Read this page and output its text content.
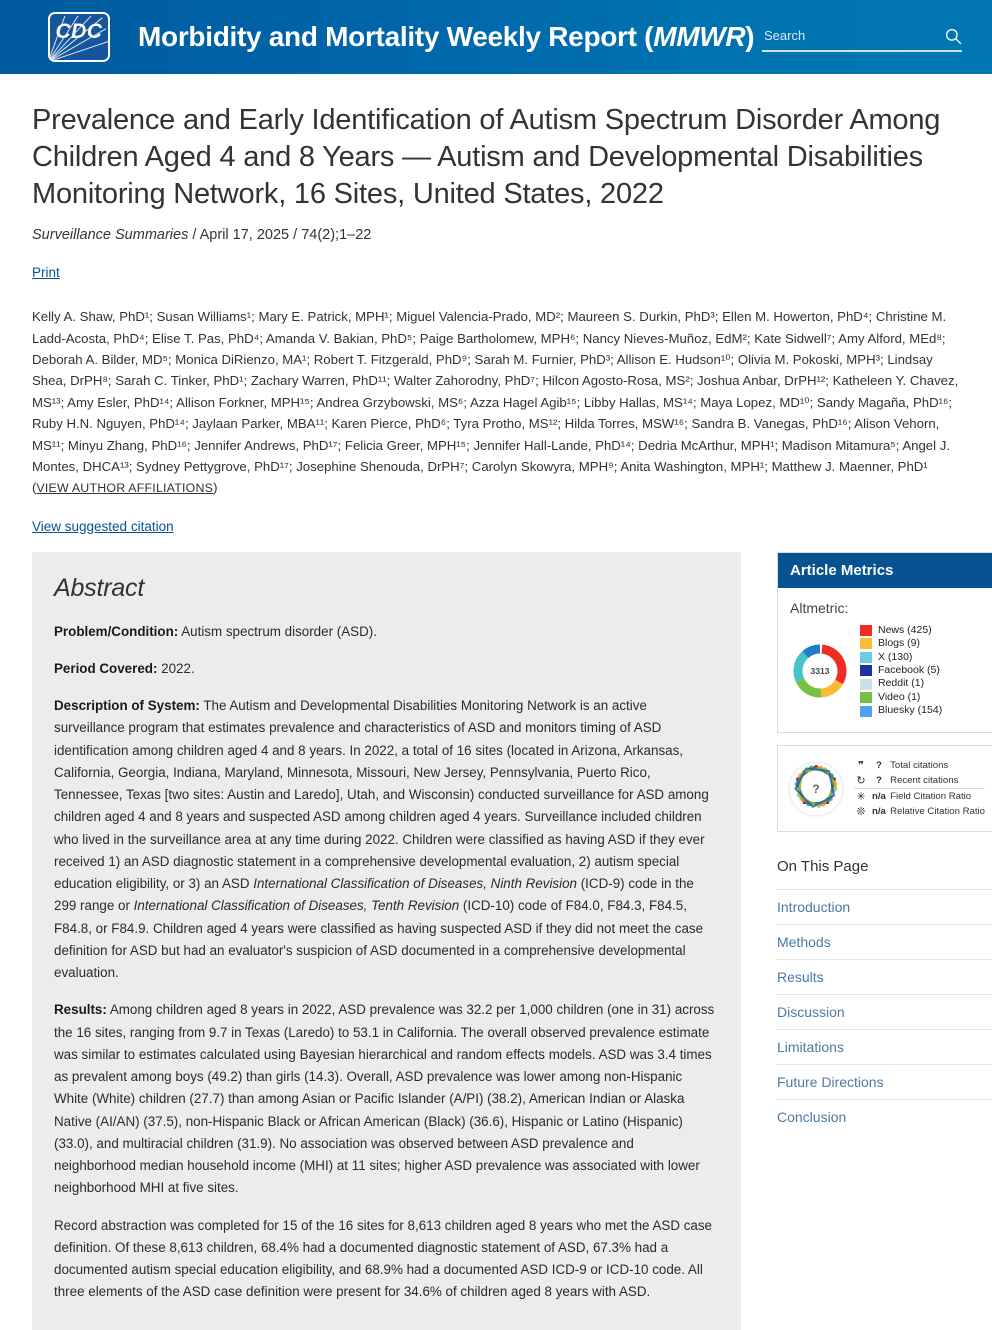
CDC Morbidity and Mortality Weekly Report (MMWR)
Search
Prevalence and Early Identification of Autism Spectrum Disorder Among Children Aged 4 and 8 Years — Autism and Developmental Disabilities Monitoring Network, 16 Sites, United States, 2022
Surveillance Summaries / April 17, 2025 / 74(2);1–22
Print
Kelly A. Shaw, PhD¹; Susan Williams¹; Mary E. Patrick, MPH¹; Miguel Valencia-Prado, MD²; Maureen S. Durkin, PhD³; Ellen M. Howerton, PhD⁴; Christine M. Ladd-Acosta, PhD⁴; Elise T. Pas, PhD⁴; Amanda V. Bakian, PhD⁵; Paige Bartholomew, MPH⁶; Nancy Nieves-Muñoz, EdM²; Kate Sidwell⁷; Amy Alford, MEd⁸; Deborah A. Bilder, MD⁵; Monica DiRienzo, MA¹; Robert T. Fitzgerald, PhD⁹; Sarah M. Furnier, PhD³; Allison E. Hudson¹⁰; Olivia M. Pokoski, MPH³; Lindsay Shea, DrPH⁸; Sarah C. Tinker, PhD¹; Zachary Warren, PhD¹¹; Walter Zahorodny, PhD⁷; Hilcon Agosto-Rosa, MS²; Joshua Anbar, DrPH¹²; Katheleen Y. Chavez, MS¹³; Amy Esler, PhD¹⁴; Allison Forkner, MPH¹⁵; Andrea Grzybowski, MS⁶; Azza Hagel Agib¹⁵; Libby Hallas, MS¹⁴; Maya Lopez, MD¹⁰; Sandy Magaña, PhD¹⁶; Ruby H.N. Nguyen, PhD¹⁴; Jaylaan Parker, MBA¹¹; Karen Pierce, PhD⁶; Tyra Protho, MS¹²; Hilda Torres, MSW¹⁶; Sandra B. Vanegas, PhD¹⁶; Alison Vehorn, MS¹¹; Minyu Zhang, PhD¹⁶; Jennifer Andrews, PhD¹⁷; Felicia Greer, MPH¹⁵; Jennifer Hall-Lande, PhD¹⁴; Dedria McArthur, MPH¹; Madison Mitamura⁵; Angel J. Montes, DHCA¹³; Sydney Pettygrove, PhD¹⁷; Josephine Shenouda, DrPH⁷; Carolyn Skowyra, MPH⁹; Anita Washington, MPH¹; Matthew J. Maenner, PhD¹ (VIEW AUTHOR AFFILIATIONS)
View suggested citation
Abstract

Problem/Condition: Autism spectrum disorder (ASD).

Period Covered: 2022.

Description of System: The Autism and Developmental Disabilities Monitoring Network is an active surveillance program that estimates prevalence and characteristics of ASD and monitors timing of ASD identification among children aged 4 and 8 years. In 2022, a total of 16 sites (located in Arizona, Arkansas, California, Georgia, Indiana, Maryland, Minnesota, Missouri, New Jersey, Pennsylvania, Puerto Rico, Tennessee, Texas [two sites: Austin and Laredo], Utah, and Wisconsin) conducted surveillance for ASD among children aged 4 and 8 years and suspected ASD among children aged 4 years. Surveillance included children who lived in the surveillance area at any time during 2022. Children were classified as having ASD if they ever received 1) an ASD diagnostic statement in a comprehensive developmental evaluation, 2) autism special education eligibility, or 3) an ASD International Classification of Diseases, Ninth Revision (ICD-9) code in the 299 range or International Classification of Diseases, Tenth Revision (ICD-10) code of F84.0, F84.3, F84.5, F84.8, or F84.9. Children aged 4 years were classified as having suspected ASD if they did not meet the case definition for ASD but had an evaluator's suspicion of ASD documented in a comprehensive developmental evaluation.

Results: Among children aged 8 years in 2022, ASD prevalence was 32.2 per 1,000 children (one in 31) across the 16 sites, ranging from 9.7 in Texas (Laredo) to 53.1 in California. The overall observed prevalence estimate was similar to estimates calculated using Bayesian hierarchical and random effects models. ASD was 3.4 times as prevalent among boys (49.2) than girls (14.3). Overall, ASD prevalence was lower among non-Hispanic White (White) children (27.7) than among Asian or Pacific Islander (A/PI) (38.2), American Indian or Alaska Native (AI/AN) (37.5), non-Hispanic Black or African American (Black) (36.6), Hispanic or Latino (Hispanic) (33.0), and multiracial children (31.9). No association was observed between ASD prevalence and neighborhood median household income (MHI) at 11 sites; higher ASD prevalence was associated with lower neighborhood MHI at five sites.

Record abstraction was completed for 15 of the 16 sites for 8,613 children aged 8 years who met the ASD case definition. Of these 8,613 children, 68.4% had a documented diagnostic statement of ASD, 67.3% had a documented autism special education eligibility, and 68.9% had a documented ASD ICD-9 or ICD-10 code. All three elements of the ASD case definition were present for 34.6% of children aged 8 years with ASD.

Article Metrics
Altmetric:
3313
News (425)
Blogs (9)
X (130)
Facebook (5)
Reddit (1)
Video (1)
Bluesky (154)
?
❞	?	Total citations
↻	?	Recent citations

✳	n/a	Field Citation Ratio
❊	n/a	Relative Citation Ratio
On This Page
Introduction
Methods
Results
Discussion
Limitations
Future Directions
Conclusion
